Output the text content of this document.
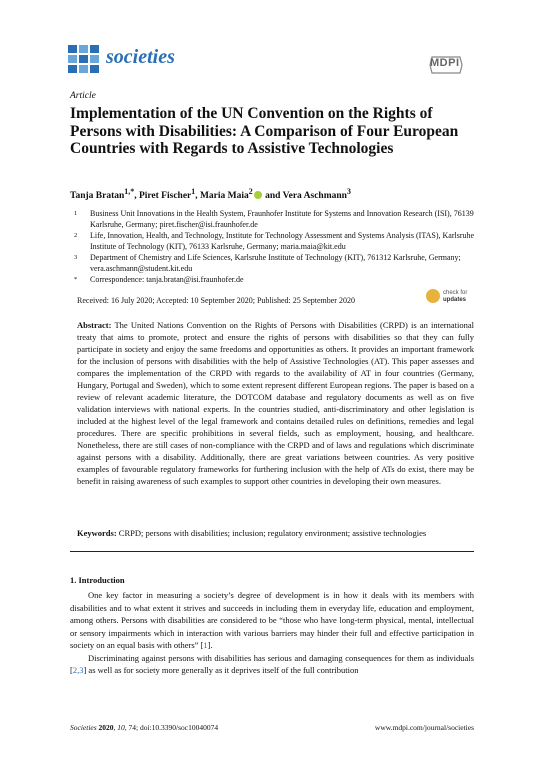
societies	MDPI
Article
Implementation of the UN Convention on the Rights of Persons with Disabilities: A Comparison of Four European Countries with Regards to Assistive Technologies
Tanja Bratan$^{1,*}$, Piret Fischer$^1$, Maria Maia$^2$ and Vera Aschmann$^3$
1 Business Unit Innovations in the Health System, Fraunhofer Institute for Systems and Innovation Research (ISI), 76139 Karlsruhe, Germany; piret.fischer@isi.fraunhofer.de
2 Life, Innovation, Health, and Technology, Institute for Technology Assessment and Systems Analysis (ITAS), Karlsruhe Institute of Technology (KIT), 76133 Karlsruhe, Germany; maria.maia@kit.edu
3 Department of Chemistry and Life Sciences, Karlsruhe Institute of Technology (KIT), 761312 Karlsruhe, Germany; vera.aschmann@student.kit.edu
* Correspondence: tanja.bratan@isi.fraunhofer.de
Received: 16 July 2020; Accepted: 10 September 2020; Published: 25 September 2020
check for
updates
Abstract: The United Nations Convention on the Rights of Persons with Disabilities (CRPD) is an international treaty that aims to promote, protect and ensure the rights of persons with disabilities so that they can fully participate in society and enjoy the same freedoms and opportunities as others. It provides an important framework for the inclusion of persons with disabilities with the help of Assistive Technologies (AT). This paper assesses and compares the implementation of the CRPD with regards to the availability of AT in four countries (Germany, Hungary, Portugal and Sweden), which to some extent represent different European regions. The paper is based on a review of relevant academic literature, the DOTCOM database and regulatory documents as well as on five validation interviews with national experts. In the countries studied, anti-discriminatory and other legislation is included at the highest level of the legal framework and contains detailed rules on definitions, remedies and legal procedures. There are specific prohibitions in several fields, such as employment, housing, and healthcare. Nonetheless, there are still cases of non-compliance with the CRPD and of laws and regulations which discriminate against persons with a disability. Additionally, there are great variations between countries. As very positive examples of favourable regulatory frameworks for furthering inclusion with the help of ATs do exist, there may be benefit in raising awareness of such examples to support other countries in developing their own measures.
Keywords: CRPD; persons with disabilities; inclusion; regulatory environment; assistive technologies
1. Introduction

One key factor in measuring a society’s degree of development is in how it deals with its members with disabilities and to what extent it strives and succeeds in including them in everyday life, education and employment, among others. Persons with disabilities are considered to be “those who have long-term physical, mental, intellectual or sensory impairments which in interaction with various barriers may hinder their full and effective participation in society on an equal basis with others” [1].

Discriminating against persons with disabilities has serious and damaging consequences for them as individuals [2,3] as well as for society more generally as it deprives itself of the full contribution

Societies 2020, 10, 74; doi:10.3390/soc10040074	www.mdpi.com/journal/societies
